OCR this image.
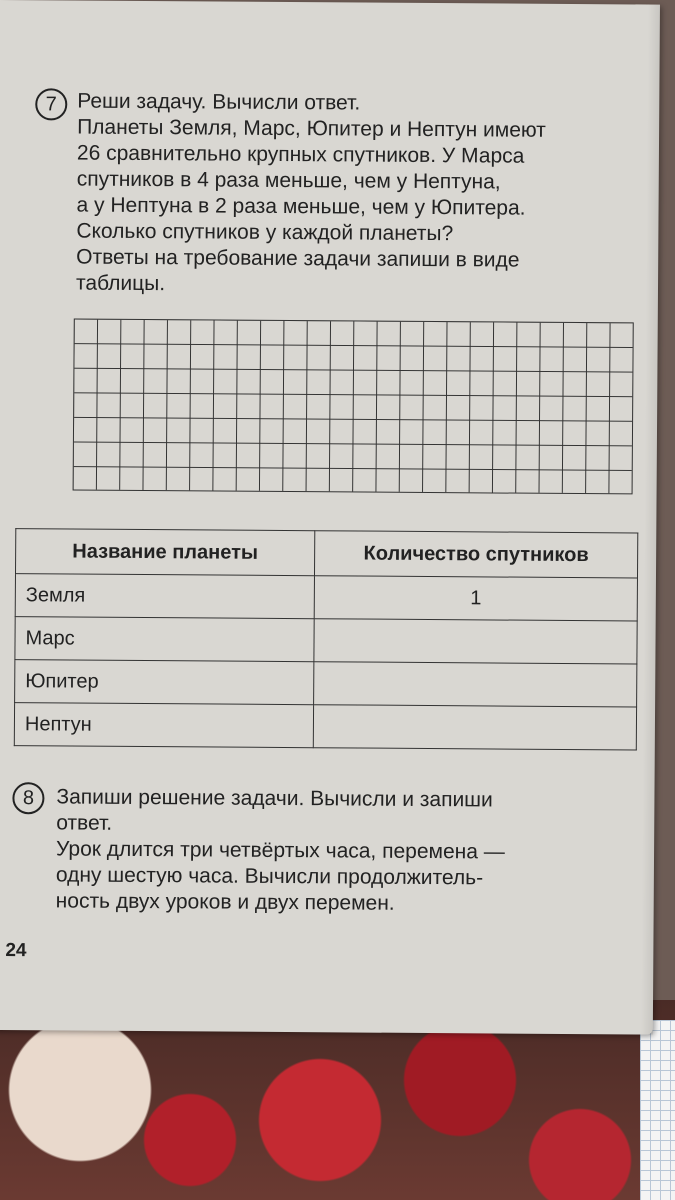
7 Реши задачу. Вычисли ответ.
Планеты Земля, Марс, Юпитер и Нептун имеют
26 сравнительно крупных спутников. У Марса
спутников в 4 раза меньше, чем у Нептуна,
а у Нептуна в 2 раза меньше, чем у Юпитера.
Сколько спутников у каждой планеты?
Ответы на требование задачи запиши в виде
таблицы.
Название планеты	Количество спутников
Земля	1
Марс	
Юпитер	
Нептун	
8	Запиши решение задачи. Вычисли и запиши
ответ.
Урок длится три четвёртых часа, перемена —
одну шестую часа. Вычисли продолжитель-
ность двух уроков и двух перемен.
24
